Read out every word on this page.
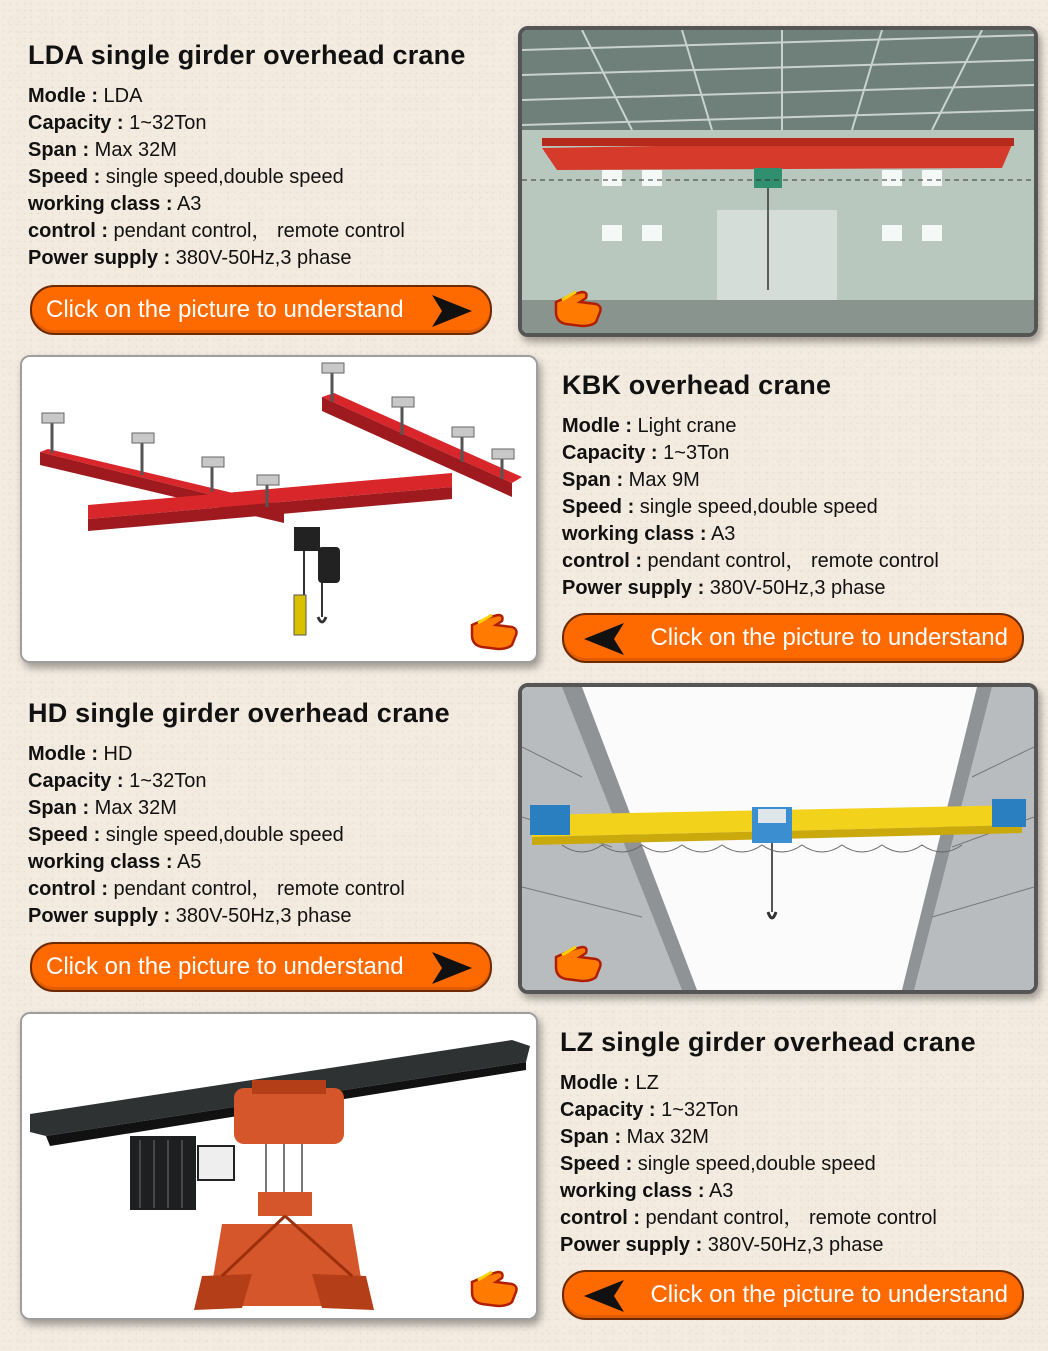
LDA single girder overhead crane
Modle : LDA
Capacity : 1~32Ton
Span : Max 32M
Speed : single speed,double speed
working class : A3
control : pendant control， remote control
Power supply : 380V-50Hz,3 phase
Click on the picture to understand
KBK overhead crane
Modle : Light crane
Capacity : 1~3Ton
Span : Max 9M
Speed : single speed,double speed
working class : A3
control : pendant control， remote control
Power supply : 380V-50Hz,3 phase
Click on the picture to understand
HD single girder overhead crane
Modle : HD
Capacity : 1~32Ton
Span : Max 32M
Speed : single speed,double speed
working class : A5
control : pendant control， remote control
Power supply : 380V-50Hz,3 phase
Click on the picture to understand
LZ single girder overhead crane
Modle : LZ
Capacity : 1~32Ton
Span : Max 32M
Speed : single speed,double speed
working class : A3
control : pendant control， remote control
Power supply : 380V-50Hz,3 phase
Click on the picture to understand
